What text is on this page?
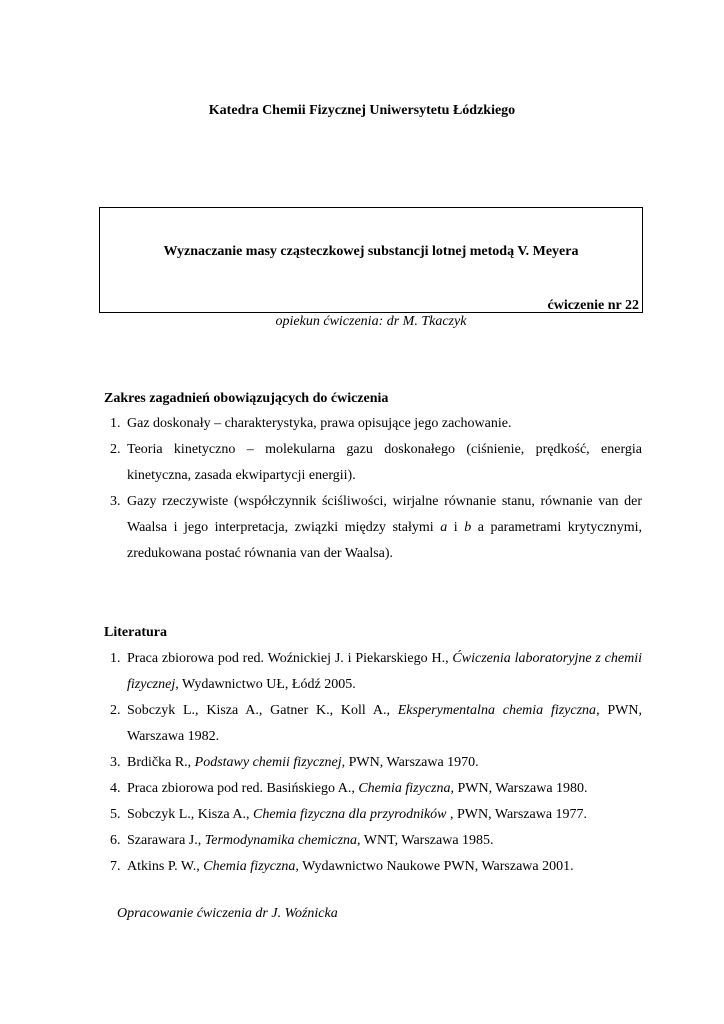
Katedra Chemii Fizycznej Uniwersytetu Łódzkiego
Wyznaczanie masy cząsteczkowej substancji lotnej metodą V. Meyera
ćwiczenie nr 22
opiekun ćwiczenia: dr M. Tkaczyk
Zakres zagadnień obowiązujących do ćwiczenia
1. Gaz doskonały – charakterystyka, prawa opisujące jego zachowanie.
2. Teoria kinetyczno – molekularna gazu doskonałego (ciśnienie, prędkość, energia kinetyczna, zasada ekwipartycji energii).
3. Gazy rzeczywiste (współczynnik ściśliwości, wirjalne równanie stanu, równanie van der Waalsa i jego interpretacja, związki między stałymi a i b a parametrami krytycznymi, zredukowana postać równania van der Waalsa).
Literatura
1. Praca zbiorowa pod red. Woźnickiej J. i Piekarskiego H., Ćwiczenia laboratoryjne z chemii fizycznej, Wydawnictwo UŁ, Łódź 2005.
2. Sobczyk L., Kisza A., Gatner K., Koll A., Eksperymentalna chemia fizyczna, PWN, Warszawa 1982.
3. Brdička R., Podstawy chemii fizycznej, PWN, Warszawa 1970.
4. Praca zbiorowa pod red. Basińskiego A., Chemia fizyczna, PWN, Warszawa 1980.
5. Sobczyk L., Kisza A., Chemia fizyczna dla przyrodników , PWN, Warszawa 1977.
6. Szarawara J., Termodynamika chemiczna, WNT, Warszawa 1985.
7. Atkins P. W., Chemia fizyczna, Wydawnictwo Naukowe PWN, Warszawa 2001.
Opracowanie ćwiczenia dr J. Woźnicka
